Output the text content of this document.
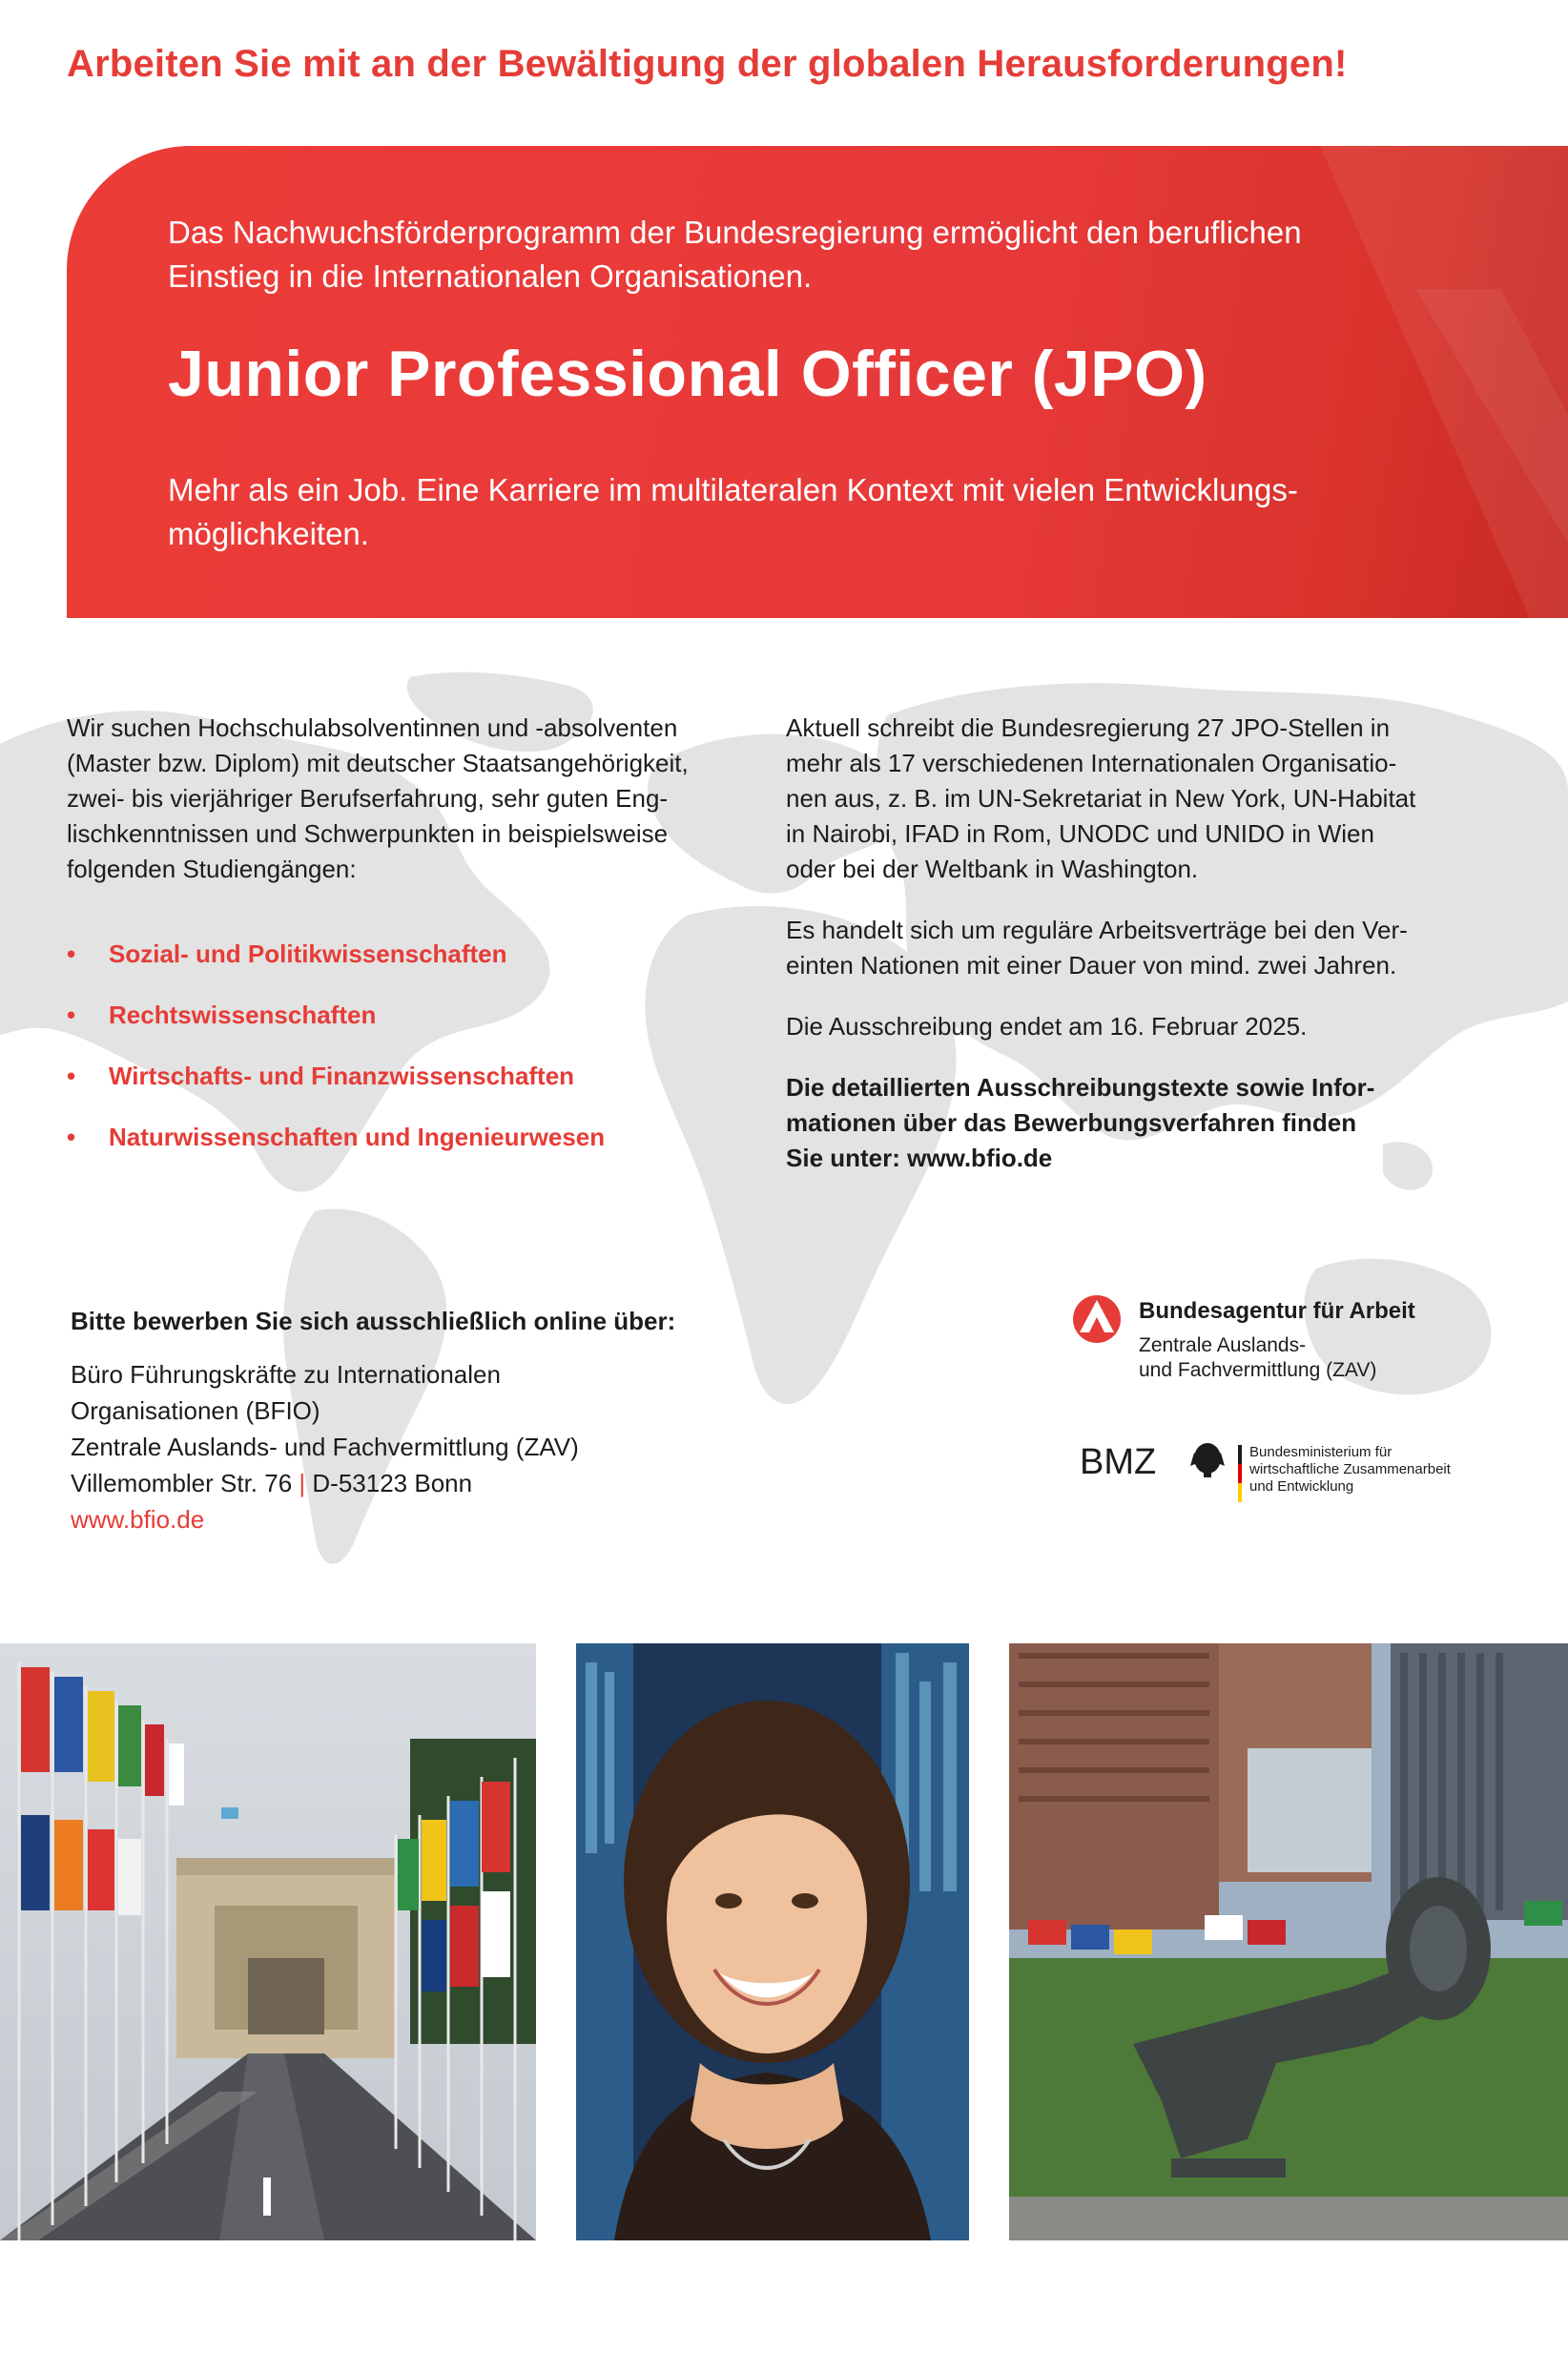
Arbeiten Sie mit an der Bewältigung der globalen Herausforderungen!
Das Nachwuchsförderprogramm der Bundesregierung ermöglicht den beruflichen
Einstieg in die Internationalen Organisationen.
Junior Professional Officer (JPO)
Mehr als ein Job. Eine Karriere im multilateralen Kontext mit vielen Entwicklungs-
möglichkeiten.
Wir suchen Hochschulabsolventinnen und -absolventen
(Master bzw. Diplom) mit deutscher Staatsangehörigkeit,
zwei- bis vierjähriger Berufserfahrung, sehr guten Eng-
lischkenntnissen und Schwerpunkten in beispielsweise
folgenden Studiengängen:
• Sozial- und Politikwissenschaften
• Rechtswissenschaften
• Wirtschafts- und Finanzwissenschaften
• Naturwissenschaften und Ingenieurwesen

Aktuell schreibt die Bundesregierung 27 JPO-Stellen in
mehr als 17 verschiedenen Internationalen Organisatio-
nen aus, z. B. im UN-Sekretariat in New York, UN-Habitat
in Nairobi, IFAD in Rom, UNODC und UNIDO in Wien
oder bei der Weltbank in Washington.

Es handelt sich um reguläre Arbeitsverträge bei den Ver-
einten Nationen mit einer Dauer von mind. zwei Jahren.

Die Ausschreibung endet am 16. Februar 2025.

Die detaillierten Ausschreibungstexte sowie Infor-
mationen über das Bewerbungsverfahren finden
Sie unter: www.bfio.de

Bitte bewerben Sie sich ausschließlich online über:
Büro Führungskräfte zu Internationalen
Organisationen (BFIO)
Zentrale Auslands- und Fachvermittlung (ZAV)
Villemombler Str. 76 | D-53123 Bonn
www.bfio.de
Bundesagentur für Arbeit
Zentrale Auslands-
und Fachvermittlung (ZAV)
BMZ	Bundesministerium für
wirtschaftliche Zusammenarbeit
und Entwicklung
